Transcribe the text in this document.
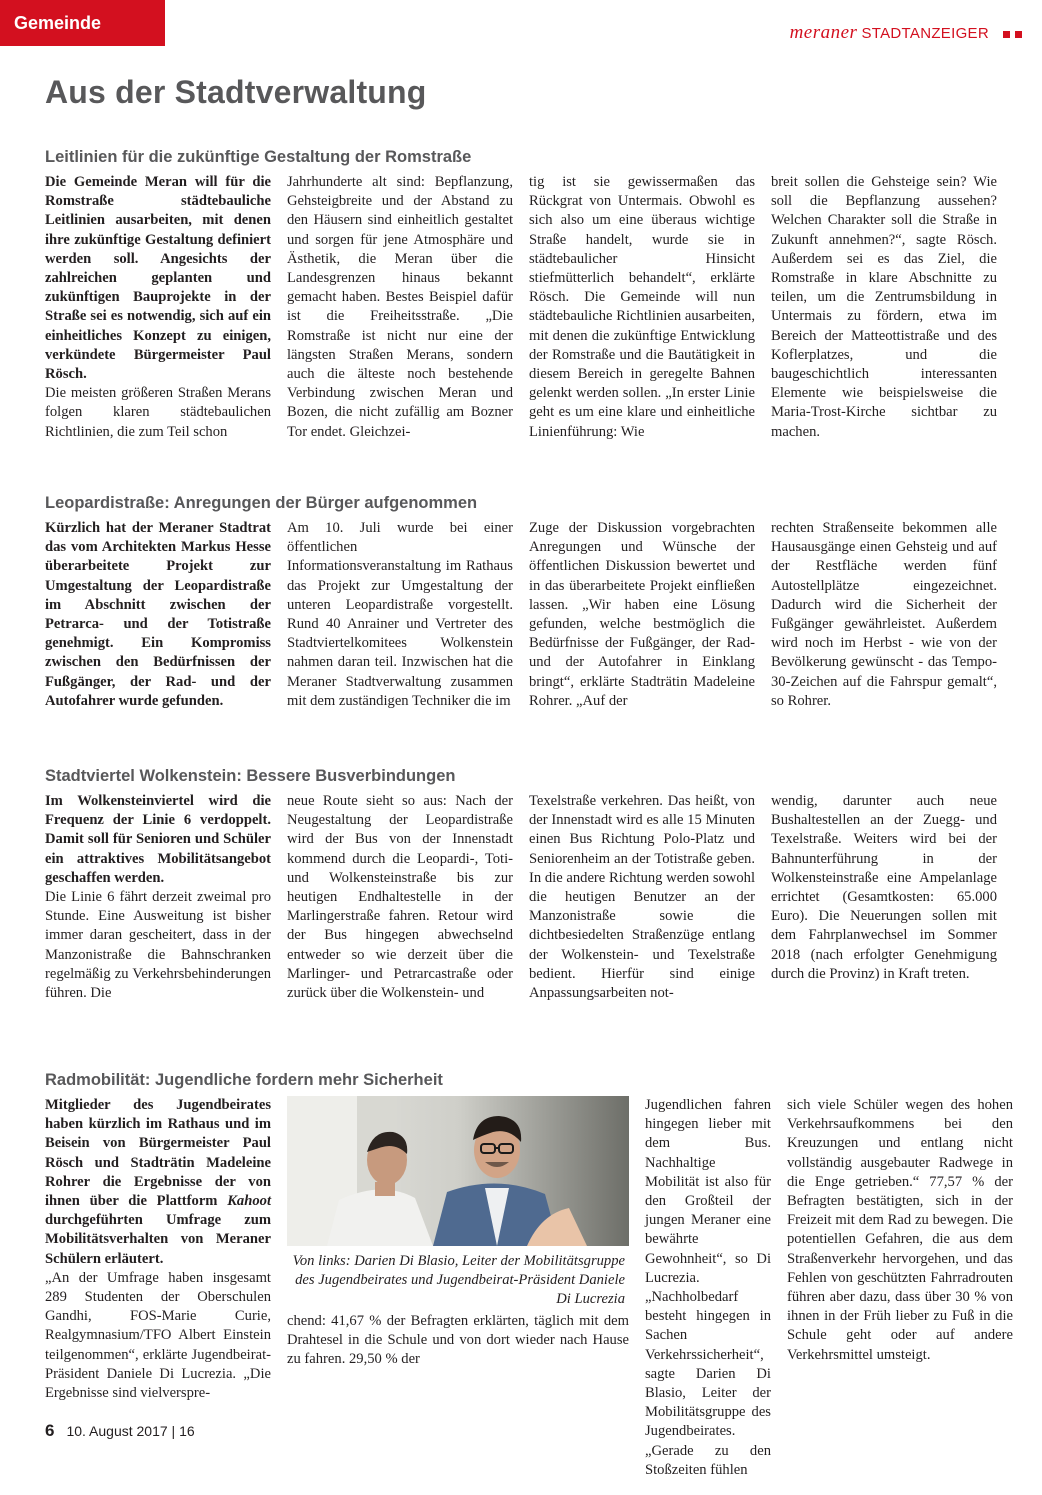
Gemeinde	meraner STADTANZEIGER
Aus der Stadtverwaltung
Leitlinien für die zukünftige Gestaltung der Romstraße

Die Gemeinde Meran will für die Romstraße städtebauliche Leitlinien ausarbeiten, mit denen ihre zukünftige Gestaltung definiert werden soll. Angesichts der zahlreichen geplanten und zukünftigen Bauprojekte in der Straße sei es notwendig, sich auf ein einheitliches Konzept zu einigen, verkündete Bürgermeister Paul Rösch.

Die meisten größeren Straßen Merans folgen klaren städtebaulichen Richtlinien, die zum Teil schon

Jahrhunderte alt sind: Bepflanzung, Gehsteigbreite und der Abstand zu den Häusern sind einheitlich gestaltet und sorgen für jene Atmosphäre und Ästhetik, die Meran über die Landesgrenzen hinaus bekannt gemacht haben. Bestes Beispiel dafür ist die Freiheitsstraße. „Die Romstraße ist nicht nur eine der längsten Straßen Merans, sondern auch die älteste noch bestehende Verbindung zwischen Meran und Bozen, die nicht zufällig am Bozner Tor endet. Gleichzei-

tig ist sie gewissermaßen das Rückgrat von Untermais. Obwohl es sich also um eine überaus wichtige Straße handelt, wurde sie in städtebaulicher Hinsicht stiefmütterlich behandelt“, erklärte Rösch. Die Gemeinde will nun städtebauliche Richtlinien ausarbeiten, mit denen die zukünftige Entwicklung der Romstraße und die Bautätigkeit in diesem Bereich in geregelte Bahnen gelenkt werden sollen. „In erster Linie geht es um eine klare und einheitliche Linienführung: Wie

breit sollen die Gehsteige sein? Wie soll die Bepflanzung aussehen? Welchen Charakter soll die Straße in Zukunft annehmen?“, sagte Rösch. Außerdem sei es das Ziel, die Romstraße in klare Abschnitte zu teilen, um die Zentrumsbildung in Untermais zu fördern, etwa im Bereich der Matteottistraße und des Koflerplatzes, und die baugeschichtlich interessanten Elemente wie beispielsweise die Maria-Trost-Kirche sichtbar zu machen.

Leopardistraße: Anregungen der Bürger aufgenommen

Kürzlich hat der Meraner Stadtrat das vom Architekten Markus Hesse überarbeitete Projekt zur Umgestaltung der Leopardistraße im Abschnitt zwischen der Petrarca- und der Totistraße genehmigt. Ein Kompromiss zwischen den Bedürfnissen der Fußgänger, der Rad- und der Autofahrer wurde gefunden.

Am 10. Juli wurde bei einer öffentlichen Informationsveranstaltung im Rathaus das Projekt zur Umgestaltung der unteren Leopardistraße vorgestellt. Rund 40 Anrainer und Vertreter des Stadtviertelkomitees Wolkenstein nahmen daran teil. Inzwischen hat die Meraner Stadtverwaltung zusammen mit dem zuständigen Techniker die im

Zuge der Diskussion vorgebrachten Anregungen und Wünsche der öffentlichen Diskussion bewertet und in das überarbeitete Projekt einfließen lassen. „Wir haben eine Lösung gefunden, welche bestmöglich die Bedürfnisse der Fußgänger, der Rad- und der Autofahrer in Einklang bringt“, erklärte Stadträtin Madeleine Rohrer. „Auf der

rechten Straßenseite bekommen alle Hausausgänge einen Gehsteig und auf der Restfläche werden fünf Autostellplätze eingezeichnet. Dadurch wird die Sicherheit der Fußgänger gewährleistet. Außerdem wird noch im Herbst - wie von der Bevölkerung gewünscht - das Tempo-30-Zeichen auf die Fahrspur gemalt“, so Rohrer.

Stadtviertel Wolkenstein: Bessere Busverbindungen

Im Wolkensteinviertel wird die Frequenz der Linie 6 verdoppelt. Damit soll für Senioren und Schüler ein attraktives Mobilitätsangebot geschaffen werden.

Die Linie 6 fährt derzeit zweimal pro Stunde. Eine Ausweitung ist bisher immer daran gescheitert, dass in der Manzonistraße die Bahnschranken regelmäßig zu Verkehrsbehinderungen führen. Die

neue Route sieht so aus: Nach der Neugestaltung der Leopardistraße wird der Bus von der Innenstadt kommend durch die Leopardi-, Toti- und Wolkensteinstraße bis zur heutigen Endhaltestelle in der Marlingerstraße fahren. Retour wird der Bus hingegen abwechselnd entweder so wie derzeit über die Marlinger- und Petrarcastraße oder zurück über die Wolkenstein- und

Texelstraße verkehren. Das heißt, von der Innenstadt wird es alle 15 Minuten einen Bus Richtung Polo-Platz und Seniorenheim an der Totistraße geben. In die andere Richtung werden sowohl die heutigen Benutzer an der Manzonistraße sowie die dichtbesiedelten Straßenzüge entlang der Wolkenstein- und Texelstraße bedient. Hierfür sind einige Anpassungsarbeiten not-

wendig, darunter auch neue Bushaltestellen an der Zuegg- und Texelstraße. Weiters wird bei der Bahnunterführung in der Wolkensteinstraße eine Ampelanlage errichtet (Gesamtkosten: 65.000 Euro). Die Neuerungen sollen mit dem Fahrplanwechsel im Sommer 2018 (nach erfolgter Genehmigung durch die Provinz) in Kraft treten.

Radmobilität: Jugendliche fordern mehr Sicherheit

Mitglieder des Jugendbeirates haben kürzlich im Rathaus und im Beisein von Bürgermeister Paul Rösch und Stadträtin Madeleine Rohrer die Ergebnisse der von ihnen über die Plattform Kahoot durchgeführten Umfrage zum Mobilitätsverhalten von Meraner Schülern erläutert.

„An der Umfrage haben insgesamt 289 Studenten der Oberschulen Gandhi, FOS-Marie Curie, Realgymnasium/TFO Albert Einstein teilgenommen“, erklärte Jugendbeirat-Präsident Daniele Di Lucrezia. „Die Ergebnisse sind vielverspre-

Von links: Darien Di Blasio, Leiter der Mobilitätsgruppe des Jugendbeirates und Jugendbeirat-Präsident Daniele Di Lucrezia

chend: 41,67 % der Befragten erklärten, täglich mit dem Drahtesel in die Schule und von dort wieder nach Hause zu fahren. 29,50 % der

Jugendlichen fahren hingegen lieber mit dem Bus. Nachhaltige Mobilität ist also für den Großteil der jungen Meraner eine bewährte Gewohnheit“, so Di Lucrezia. „Nachholbedarf besteht hingegen in Sachen Verkehrssicherheit“, sagte Darien Di Blasio, Leiter der Mobilitätsgruppe des Jugendbeirates. „Gerade zu den Stoßzeiten fühlen

sich viele Schüler wegen des hohen Verkehrsaufkommens bei den Kreuzungen und entlang nicht vollständig ausgebauter Radwege in die Enge getrieben.“ 77,57 % der Befragten bestätigten, sich in der Freizeit mit dem Rad zu bewegen. Die potentiellen Gefahren, die aus dem Straßenverkehr hervorgehen, und das Fehlen von geschützten Fahrradrouten führen aber dazu, dass über 30 % von ihnen in der Früh lieber zu Fuß in die Schule geht oder auf andere Verkehrsmittel umsteigt.

6 10. August 2017 | 16
